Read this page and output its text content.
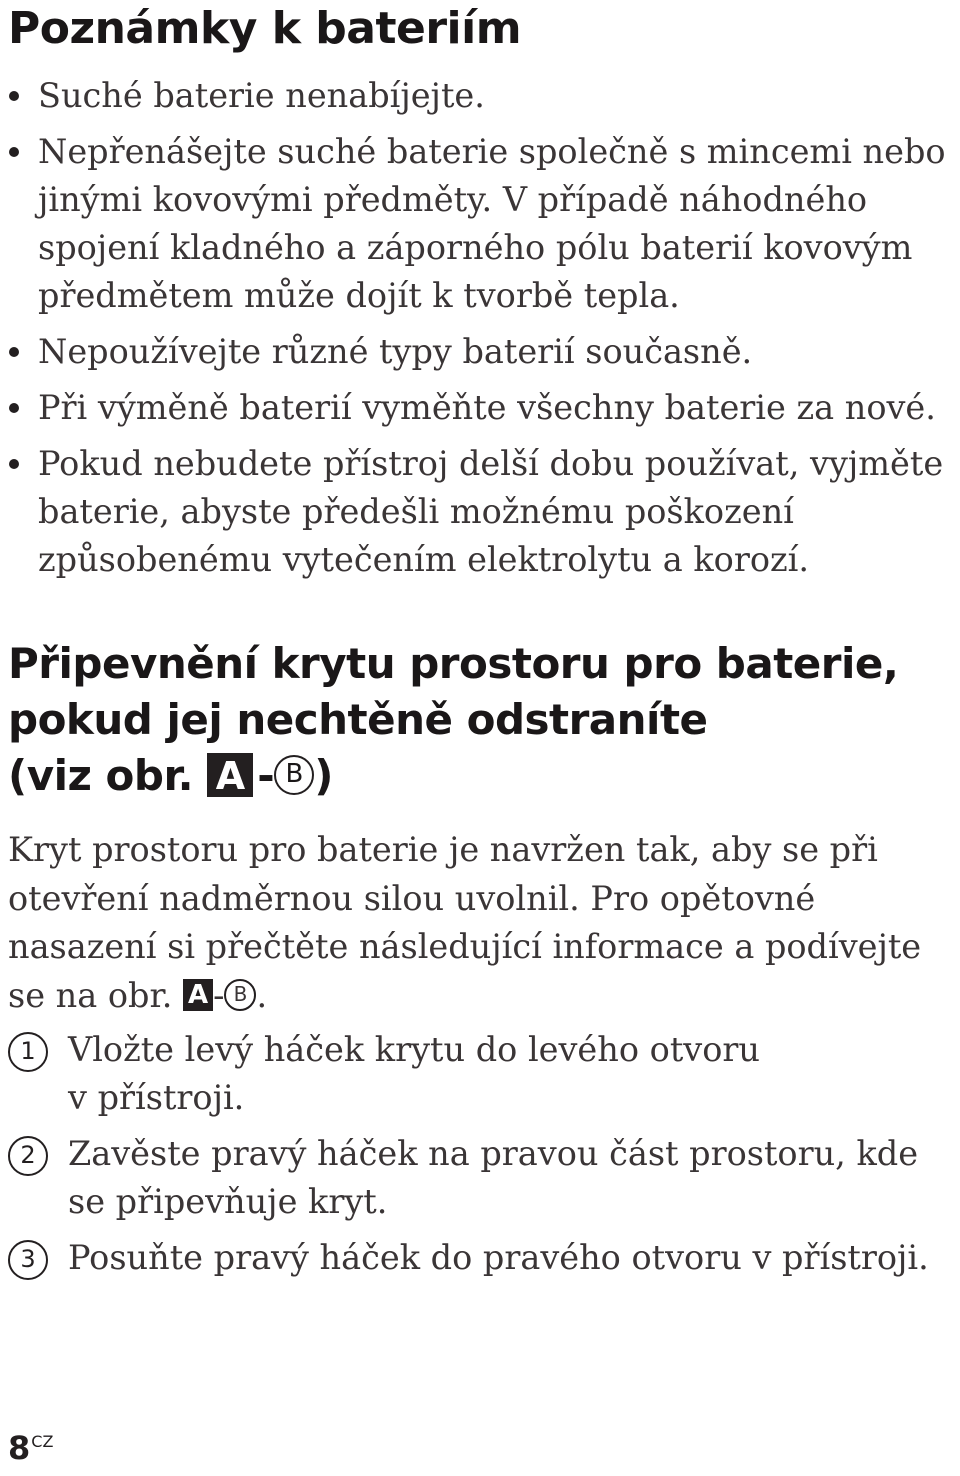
Poznámky k bateriím
Suché baterie nenabíjejte.
Nepřenášejte suché baterie společně s mincemi nebo
jinými kovovými předměty. V případě náhodného
spojení kladného a záporného pólu baterií kovovým
předmětem může dojít k tvorbě tepla.
Nepoužívejte různé typy baterií současně.
Při výměně baterií vyměňte všechny baterie za nové.
Pokud nebudete přístroj delší dobu používat, vyjměte
baterie, abyste předešli možnému poškození
způsobenému vytečením elektrolytu a korozí.
Připevnění krytu prostoru pro baterie,
pokud jej nechtěně odstraníte
(viz obr. A - B )

Kryt prostoru pro baterie je navržen tak, aby se při
otevření nadměrnou silou uvolnil. Pro opětovné
nasazení si přečtěte následující informace a podívejte
se na obr. A - B .

1 Vložte levý háček krytu do levého otvoru
v přístroji.
2 Zavěste pravý háček na pravou část prostoru, kde
se připevňuje kryt.
3 Posuňte pravý háček do pravého otvoru v přístroji.
$8^{CZ}$
